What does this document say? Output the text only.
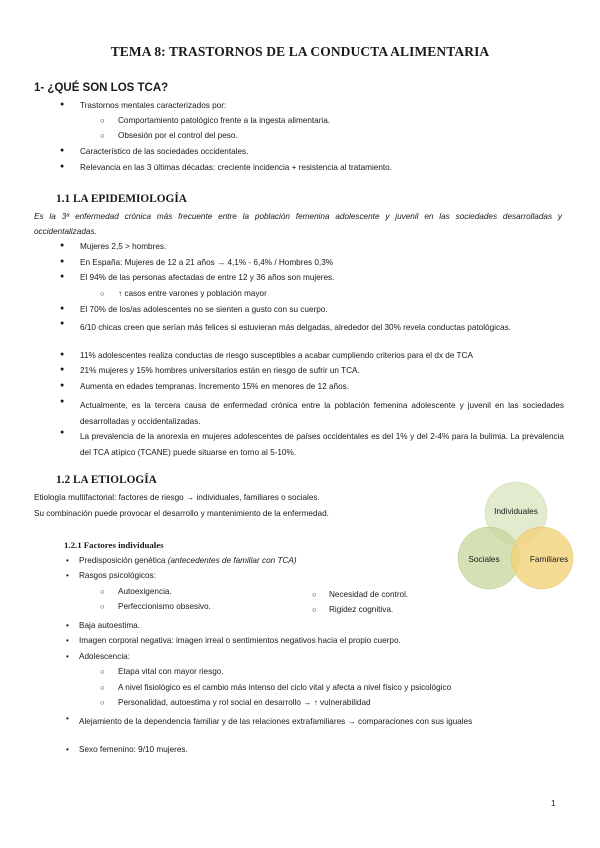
TEMA 8: TRASTORNOS DE LA CONDUCTA ALIMENTARIA
1- ¿QUÉ SON LOS TCA?
● Trastornos mentales caracterizados por:
○ Comportamiento patológico frente a la ingesta alimentaria.
○ Obsesión por el control del peso.
● Característico de las sociedades occidentales.
● Relevancia en las 3 últimas décadas: creciente incidencia + resistencia al tratamiento.
1.1 LA EPIDEMIOLOGÍA
Es la 3ª enfermedad crónica más frecuente entre la población femenina adolescente y juvenil en las sociedades desarrolladas y occidentalizadas.
● Mujeres 2,5 > hombres.
● En España: Mujeres de 12 a 21 años → 4,1% - 6,4% / Hombres 0,3%
● El 94% de las personas afectadas de entre 12 y 36 años son mujeres.
○ ↑ casos entre varones y población mayor
● El 70% de los/as adolescentes no se sienten a gusto con su cuerpo.
● 6/10 chicas creen que serían más felices si estuvieran más delgadas, alrededor del 30% revela conductas patológicas.
● 11% adolescentes realiza conductas de riesgo susceptibles a acabar cumpliendo criterios para el dx de TCA
● 21% mujeres y 15% hombres universitarios están en riesgo de sufrir un TCA.
● Aumenta en edades tempranas. Incremento 15% en menores de 12 años.
● Actualmente, es la tercera causa de enfermedad crónica entre la población femenina adolescente y juvenil en las sociedades desarrolladas y occidentalizadas.
● La prevalencia de la anorexia en mujeres adolescentes de países occidentales es del 1% y del 2-4% para la bulimia. La prevalencia del TCA atípico (TCANE) puede situarse en torno al 5-10%.
1.2 LA ETIOLOGÍA
Etiología multifactorial: factores de riesgo → individuales, familiares o sociales.
Su combinación puede provocar el desarrollo y mantenimiento de la enfermedad.	Individuales
Sociales	Familiares
1.2.1 Factores individuales
• Predisposición genética (antecedentes de familiar con TCA)
• Rasgos psicológicos:
○ Autoexigencia.
○ Perfeccionismo obsesivo.
○ Necesidad de control.
○ Rigidez cognitiva.
• Baja autoestima.
• Imagen corporal negativa: imagen irreal o sentimientos negativos hacia el propio cuerpo.
• Adolescencia:
○ Etapa vital con mayor riesgo.
○ A nivel fisiológico es el cambio más intenso del ciclo vital y afecta a nivel físico y psicológico
○ Personalidad, autoestima y rol social en desarrollo → ↑ vulnerabilidad
• Alejamiento de la dependencia familiar y de las relaciones extrafamiliares → comparaciones con sus iguales
• Sexo femenino: 9/10 mujeres.
1
